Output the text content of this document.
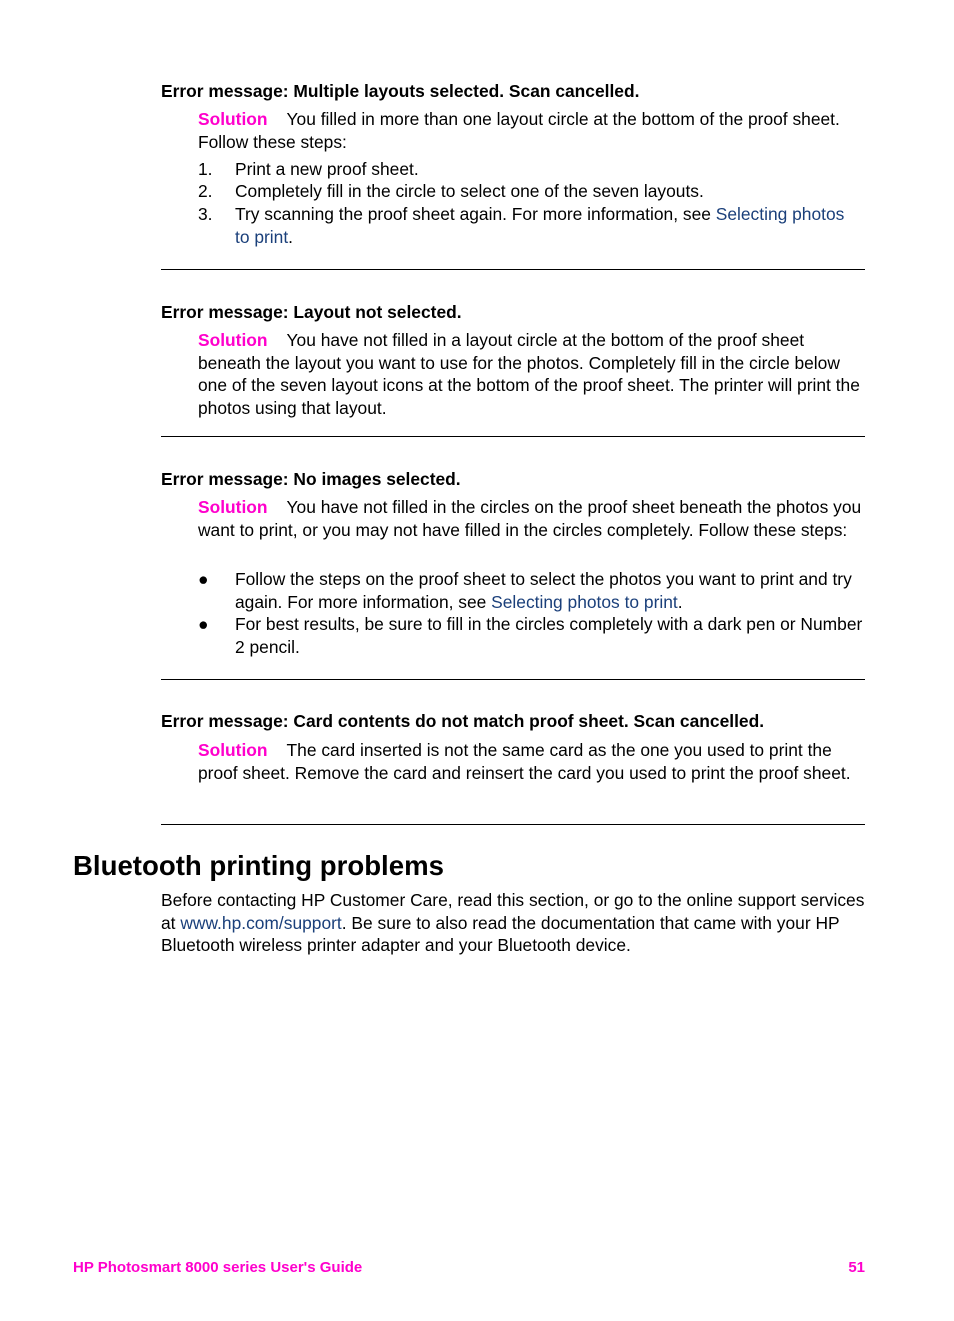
Error message: Multiple layouts selected. Scan cancelled.

Solution You filled in more than one layout circle at the bottom of the proof sheet. Follow these steps:

1. Print a new proof sheet.
2. Completely fill in the circle to select one of the seven layouts.
3. Try scanning the proof sheet again. For more information, see Selecting photos to print.

Error message: Layout not selected.

Solution You have not filled in a layout circle at the bottom of the proof sheet beneath the layout you want to use for the photos. Completely fill in the circle below one of the seven layout icons at the bottom of the proof sheet. The printer will print the photos using that layout.

Error message: No images selected.

Solution You have not filled in the circles on the proof sheet beneath the photos you want to print, or you may not have filled in the circles completely. Follow these steps:

● Follow the steps on the proof sheet to select the photos you want to print and try again. For more information, see Selecting photos to print.
● For best results, be sure to fill in the circles completely with a dark pen or Number 2 pencil.

Error message: Card contents do not match proof sheet. Scan cancelled.

Solution The card inserted is not the same card as the one you used to print the proof sheet. Remove the card and reinsert the card you used to print the proof sheet.

Bluetooth printing problems

Before contacting HP Customer Care, read this section, or go to the online support services at www.hp.com/support. Be sure to also read the documentation that came with your HP Bluetooth wireless printer adapter and your Bluetooth device.

HP Photosmart 8000 series User's Guide	51
